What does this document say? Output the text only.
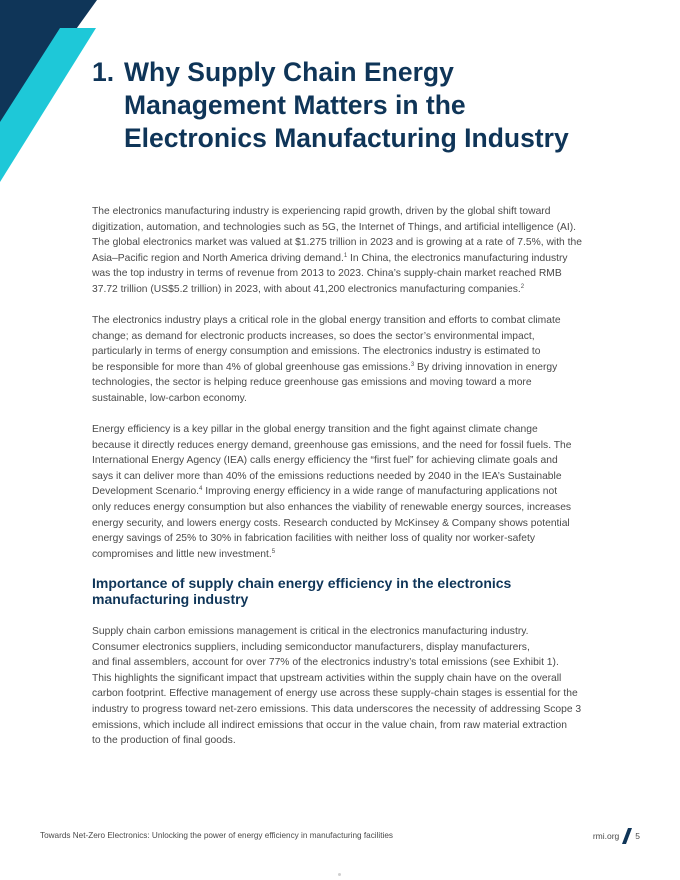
1. Why Supply Chain Energy
Management Matters in the
Electronics Manufacturing Industry

The electronics manufacturing industry is experiencing rapid growth, driven by the global shift toward
digitization, automation, and technologies such as 5G, the Internet of Things, and artificial intelligence (AI).
The global electronics market was valued at $1.275 trillion in 2023 and is growing at a rate of 7.5%, with the
Asia–Pacific region and North America driving demand.$^1$ In China, the electronics manufacturing industry
was the top industry in terms of revenue from 2013 to 2023. China’s supply-chain market reached RMB
37.72 trillion (US$5.2 trillion) in 2023, with about 41,200 electronics manufacturing companies.$^2$

The electronics industry plays a critical role in the global energy transition and efforts to combat climate
change; as demand for electronic products increases, so does the sector’s environmental impact,
particularly in terms of energy consumption and emissions. The electronics industry is estimated to
be responsible for more than 4% of global greenhouse gas emissions.$^3$ By driving innovation in energy
technologies, the sector is helping reduce greenhouse gas emissions and moving toward a more
sustainable, low-carbon economy.

Energy efficiency is a key pillar in the global energy transition and the fight against climate change
because it directly reduces energy demand, greenhouse gas emissions, and the need for fossil fuels. The
International Energy Agency (IEA) calls energy efficiency the “first fuel” for achieving climate goals and
says it can deliver more than 40% of the emissions reductions needed by 2040 in the IEA’s Sustainable
Development Scenario.$^4$ Improving energy efficiency in a wide range of manufacturing applications not
only reduces energy consumption but also enhances the viability of renewable energy sources, increases
energy security, and lowers energy costs. Research conducted by McKinsey & Company shows potential
energy savings of 25% to 30% in fabrication facilities with neither loss of quality nor worker-safety
compromises and little new investment.$^5$

Importance of supply chain energy efficiency in the electronics
manufacturing industry

Supply chain carbon emissions management is critical in the electronics manufacturing industry.
Consumer electronics suppliers, including semiconductor manufacturers, display manufacturers,
and final assemblers, account for over 77% of the electronics industry’s total emissions (see Exhibit 1).
This highlights the significant impact that upstream activities within the supply chain have on the overall
carbon footprint. Effective management of energy use across these supply-chain stages is essential for the
industry to progress toward net-zero emissions. This data underscores the necessity of addressing Scope 3
emissions, which include all indirect emissions that occur in the value chain, from raw material extraction
to the production of final goods.

Towards Net-Zero Electronics: Unlocking the power of energy efficiency in manufacturing facilities	rmi.org 5
